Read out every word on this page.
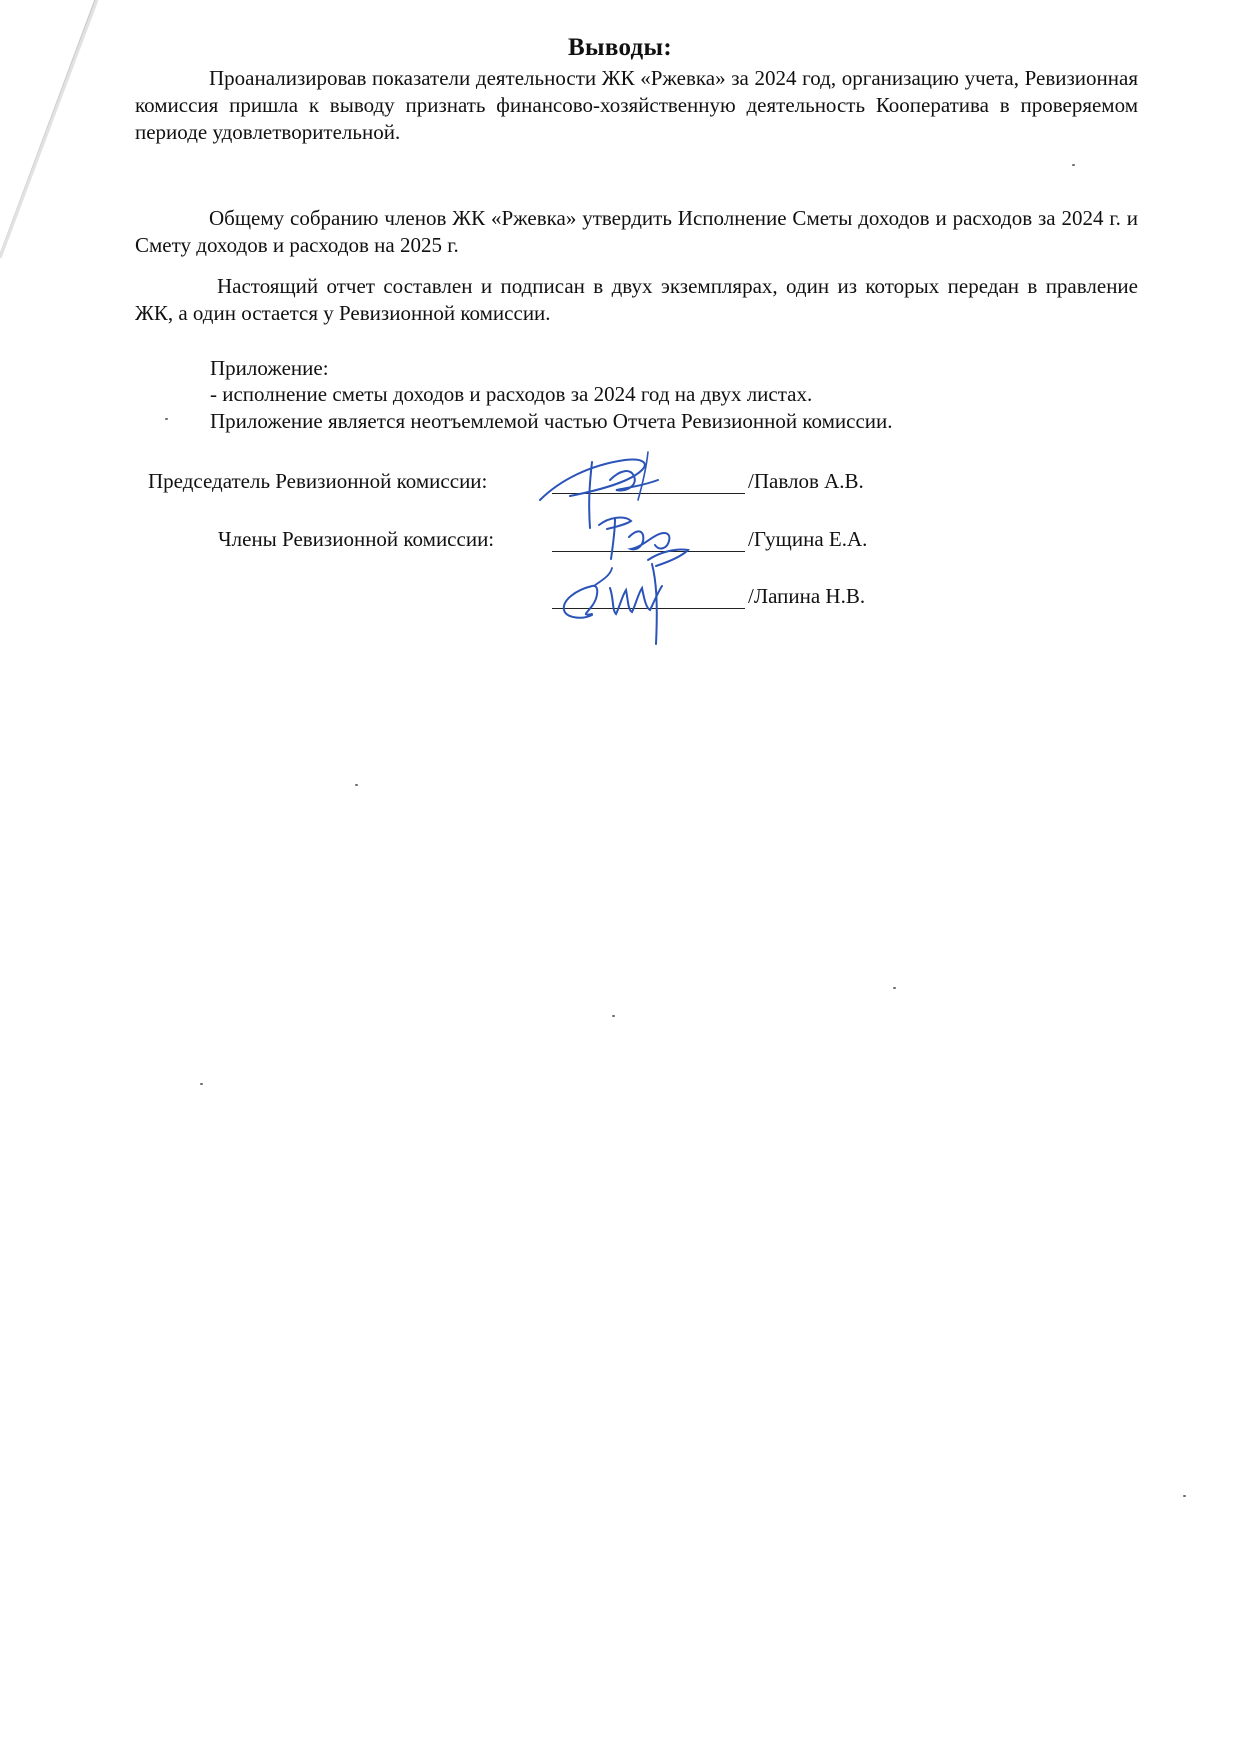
Выводы:

Проанализировав показатели деятельности ЖК «Ржевка» за 2024 год, организацию учета, Ревизионная комиссия пришла к выводу признать финансово-хозяйственную деятельность Кооператива в проверяемом периоде удовлетворительной.

Общему собранию членов ЖК «Ржевка» утвердить Исполнение Сметы доходов и расходов за 2024 г. и Смету доходов и расходов на 2025 г.

Настоящий отчет составлен и подписан в двух экземплярах, один из которых передан в правление ЖК, а один остается у Ревизионной комиссии.

Приложение:
- исполнение сметы доходов и расходов за 2024 год на двух листах.
Приложение является неотъемлемой частью Отчета Ревизионной комиссии.
Председатель Ревизионной комиссии:	/Павлов А.В.
Члены Ревизионной комиссии:	/Гущина Е.А.
/Лапина Н.В.
